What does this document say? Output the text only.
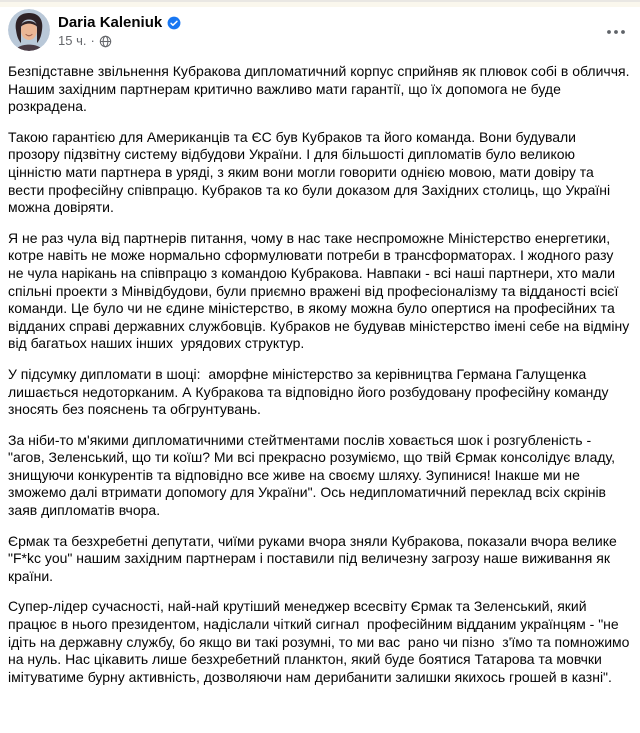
Daria Kaleniuk
15 ч. ·

Безпідставне звільнення Кубракова дипломатичний корпус сприйняв як плювок собі в обличчя.  Нашим західним партнерам критично важливо мати гарантії, що їх допомога не буде розкрадена.

Такою гарантією для Американців та ЄС був Кубраков та його команда. Вони будували прозору підзвітну систему відбудови України. І для більшості дипломатів було великою цінністю мати партнера в уряді, з яким вони могли говорити однією мовою, мати довіру та вести професійну співпрацю. Кубраков та ко були доказом для Західних столиць, що Україні можна довіряти.

Я не раз чула від партнерів питання, чому в нас таке неспроможне Міністерство енергетики, котре навіть не може нормально сформулювати потреби в трансформаторах. І жодного разу не чула нарікань на співпрацю з командою Кубракова. Навпаки - всі наші партнери, хто мали спільні проекти з Мінвідбудови, були приємно вражені від професіоналізму та відданості всієї команди. Це було чи не єдине міністерство, в якому можна було опертися на професійних та відданих справі державних службовців. Кубраков не будував міністерство імені себе на відміну від багатьох наших інших  урядових структур.

У підсумку дипломати в шоці:  аморфне міністерство за керівництва Германа Галущенка лишається недоторканим. А Кубракова та відповідно його розбудовану професійну команду зносять без пояснень та обгрунтувань.

За ніби-то м'якими дипломатичними стейтментами послів ховається шок і розгубленість - "агов, Зеленський, що ти коїш? Ми всі прекрасно розуміємо, що твій Єрмак консолідує владу, знищуючи конкурентів та відповідно все живе на своєму шляху. Зупинися! Інакше ми не зможемо далі втримати допомогу для України". Ось недипломатичний переклад всіх скрінів заяв дипломатів вчора.

Єрмак та безхребетні депутати, чиїми руками вчора зняли Кубракова, показали вчора велике "F*kc you" нашим західним партнерам і поставили під величезну загрозу наше виживання як країни.

Супер-лідер сучасності, най-най крутіший менеджер всесвіту Єрмак та Зеленський, який працює в нього президентом, надіслали чіткий сигнал  професійним відданим українцям - "не ідіть на державну службу, бо якщо ви такі розумні, то ми вас  рано чи пізно  з'їмо та помножимо на нуль. Нас цікавить лише безхребетний планктон, який буде боятися Татарова та мовчки імітуватиме бурну активність, дозволяючи нам дерибанити залишки якихось грошей в казні".
